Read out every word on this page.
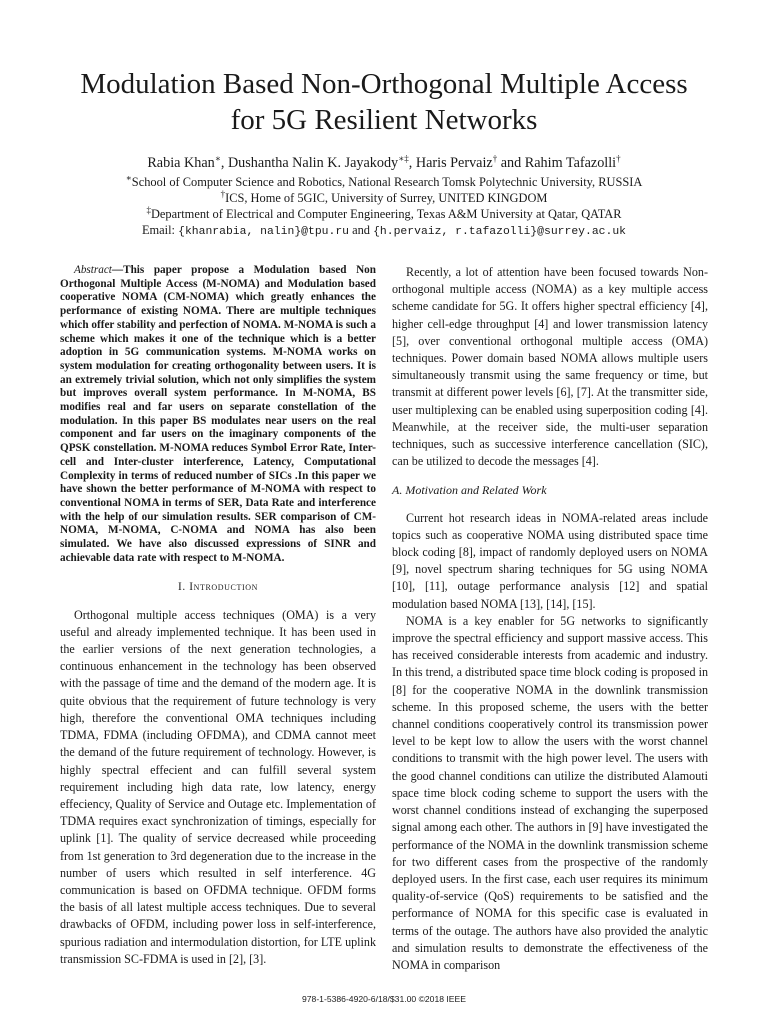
Modulation Based Non-Orthogonal Multiple Access
for 5G Resilient Networks
Rabia Khan∗, Dushantha Nalin K. Jayakody∗‡, Haris Pervaiz† and Rahim Tafazolli†
∗School of Computer Science and Robotics, National Research Tomsk Polytechnic University, RUSSIA
†ICS, Home of 5GIC, University of Surrey, UNITED KINGDOM
‡Department of Electrical and Computer Engineering, Texas A&M University at Qatar, QATAR
Email: {khanrabia, nalin}@tpu.ru and {h.pervaiz, r.tafazolli}@surrey.ac.uk

Abstract—This paper propose a Modulation based Non Orthogonal Multiple Access (M-NOMA) and Modulation based cooperative NOMA (CM-NOMA) which greatly enhances the performance of existing NOMA. There are multiple techniques which offer stability and perfection of NOMA. M-NOMA is such a scheme which makes it one of the technique which is a better adoption in 5G communication systems. M-NOMA works on system modulation for creating orthogonality between users. It is an extremely trivial solution, which not only simplifies the system but improves overall system performance. In M-NOMA, BS modifies real and far users on separate constellation of the modulation. In this paper BS modulates near users on the real component and far users on the imaginary components of the QPSK constellation. M-NOMA reduces Symbol Error Rate, Inter-cell and Inter-cluster interference, Latency, Computational Complexity in terms of reduced number of SICs .In this paper we have shown the better performance of M-NOMA with respect to conventional NOMA in terms of SER, Data Rate and interference with the help of our simulation results. SER comparison of CM-NOMA, M-NOMA, C-NOMA and NOMA has also been simulated. We have also discussed expressions of SINR and achievable data rate with respect to M-NOMA.

I. Introduction

Orthogonal multiple access techniques (OMA) is a very useful and already implemented technique. It has been used in the earlier versions of the next generation technologies, a continuous enhancement in the technology has been observed with the passage of time and the demand of the modern age. It is quite obvious that the requirement of future technology is very high, therefore the conventional OMA techniques including TDMA, FDMA (including OFDMA), and CDMA cannot meet the demand of the future requirement of technology. However, is highly spectral effecient and can fulfill several system requirement including high data rate, low latency, energy effeciency, Quality of Service and Outage etc. Implementation of TDMA requires exact synchronization of timings, especially for uplink [1]. The quality of service decreased while proceeding from 1st generation to 3rd degeneration due to the increase in the number of users which resulted in self interference. 4G communication is based on OFDMA technique. OFDM forms the basis of all latest multiple access techniques. Due to several drawbacks of OFDM, including power loss in self-interference, spurious radiation and intermodulation distortion, for LTE uplink transmission SC-FDMA is used in [2], [3].

Recently, a lot of attention have been focused towards Non-orthogonal multiple access (NOMA) as a key multiple access scheme candidate for 5G. It offers higher spectral efficiency [4], higher cell-edge throughput [4] and lower transmission latency [5], over conventional orthogonal multiple access (OMA) techniques. Power domain based NOMA allows multiple users simultaneously transmit using the same frequency or time, but transmit at different power levels [6], [7]. At the transmitter side, user multiplexing can be enabled using superposition coding [4]. Meanwhile, at the receiver side, the multi-user separation techniques, such as successive interference cancellation (SIC), can be utilized to decode the messages [4].

A. Motivation and Related Work

Current hot research ideas in NOMA-related areas include topics such as cooperative NOMA using distributed space time block coding [8], impact of randomly deployed users on NOMA [9], novel spectrum sharing techniques for 5G using NOMA [10], [11], outage performance analysis [12] and spatial modulation based NOMA [13], [14], [15].

NOMA is a key enabler for 5G networks to significantly improve the spectral efficiency and support massive access. This has received considerable interests from academic and industry. In this trend, a distributed space time block coding is proposed in [8] for the cooperative NOMA in the downlink transmission scheme. In this proposed scheme, the users with the better channel conditions cooperatively control its transmission power level to be kept low to allow the users with the worst channel conditions to transmit with the high power level. The users with the good channel conditions can utilize the distributed Alamouti space time block coding scheme to support the users with the worst channel conditions instead of exchanging the superposed signal among each other. The authors in [9] have investigated the performance of the NOMA in the downlink transmission scheme for two different cases from the prospective of the randomly deployed users. In the first case, each user requires its minimum quality-of-service (QoS) requirements to be satisfied and the performance of NOMA for this specific case is evaluated in terms of the outage. The authors have also provided the analytic and simulation results to demonstrate the effectiveness of the NOMA in comparison

978-1-5386-4920-6/18/$31.00 ©2018 IEEE
